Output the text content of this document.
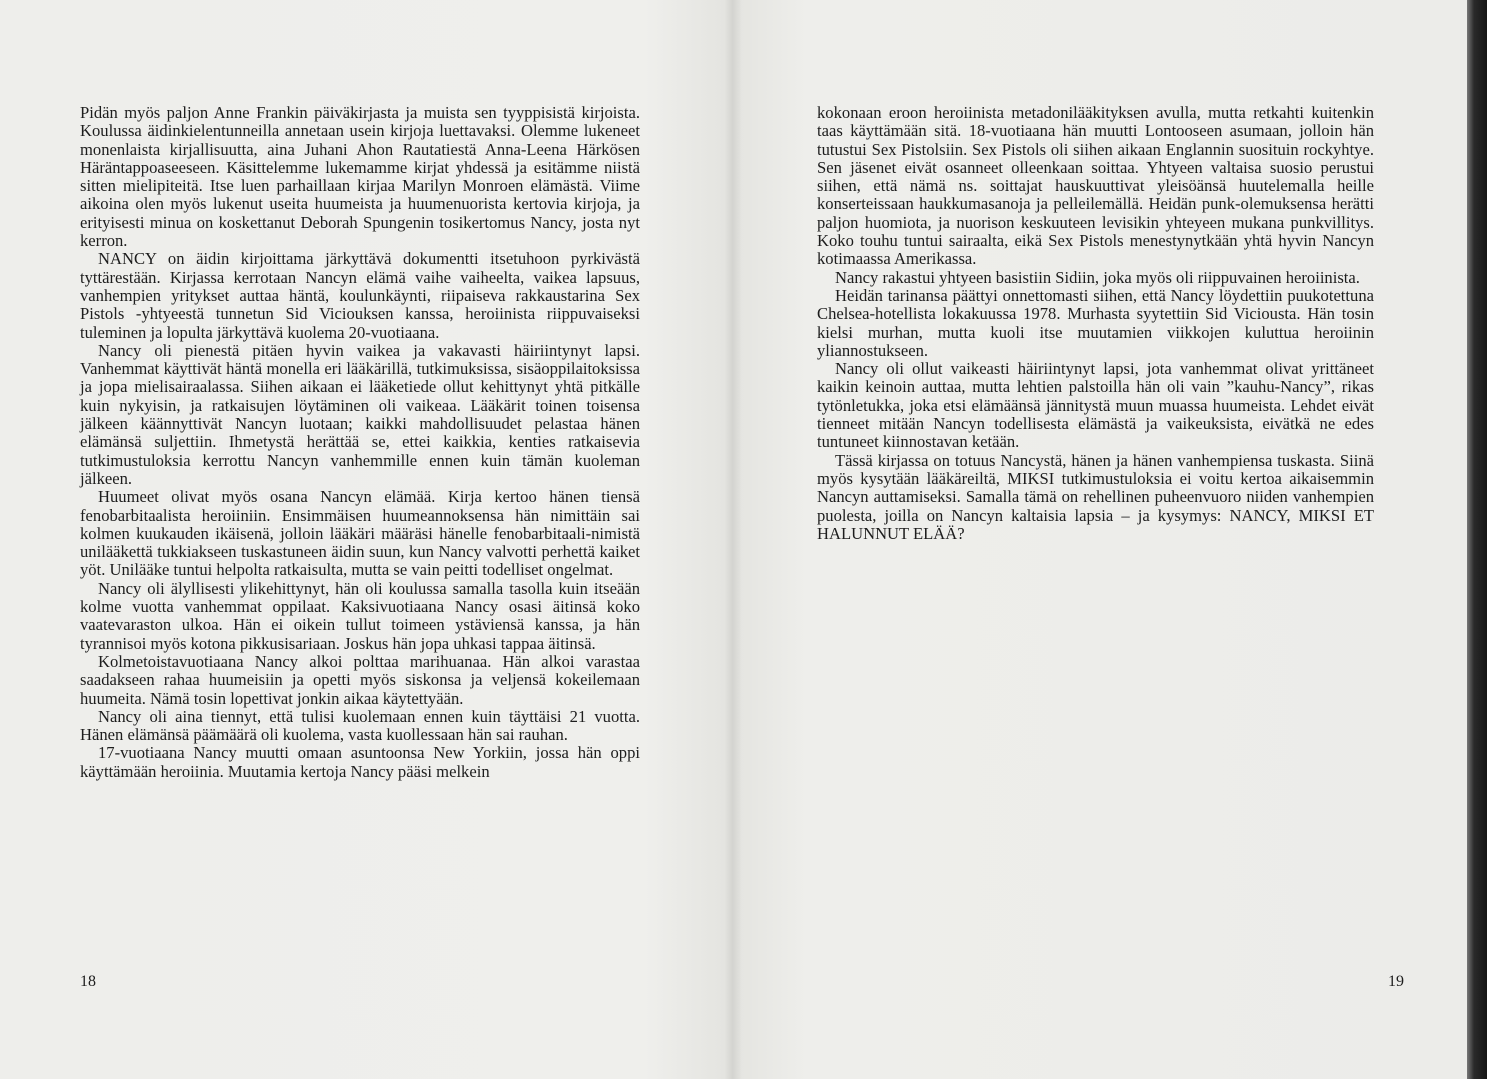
Pidän myös paljon Anne Frankin päiväkirjasta ja muista sen tyyppisistä kirjoista. Koulussa äidinkielentunneilla annetaan usein kirjoja luettavaksi. Olemme lukeneet monenlaista kirjallisuutta, aina Juhani Ahon Rautatiestä Anna-Leena Härkösen Häräntappoaseeseen. Käsittelemme lukemamme kirjat yhdessä ja esitämme niistä sitten mielipiteitä. Itse luen parhaillaan kirjaa Marilyn Monroen elämästä. Viime aikoina olen myös lukenut useita huumeista ja huumenuorista kertovia kirjoja, ja erityisesti minua on koskettanut Deborah Spungenin tosikertomus Nancy, josta nyt kerron.

NANCY on äidin kirjoittama järkyttävä dokumentti itsetuhoon pyrkivästä tyttärestään. Kirjassa kerrotaan Nancyn elämä vaihe vaiheelta, vaikea lapsuus, vanhempien yritykset auttaa häntä, koulunkäynti, riipaiseva rakkaustarina Sex Pistols -yhtyeestä tunnetun Sid Viciouksen kanssa, heroiinista riippuvaiseksi tuleminen ja lopulta järkyttävä kuolema 20-vuotiaana.

Nancy oli pienestä pitäen hyvin vaikea ja vakavasti häiriintynyt lapsi. Vanhemmat käyttivät häntä monella eri lääkärillä, tutkimuksissa, sisäoppilaitoksissa ja jopa mielisairaalassa. Siihen aikaan ei lääketiede ollut kehittynyt yhtä pitkälle kuin nykyisin, ja ratkaisujen löytäminen oli vaikeaa. Lääkärit toinen toisensa jälkeen käännyttivät Nancyn luotaan; kaikki mahdollisuudet pelastaa hänen elämänsä suljettiin. Ihmetystä herättää se, ettei kaikkia, kenties ratkaisevia tutkimustuloksia kerrottu Nancyn vanhemmille ennen kuin tämän kuoleman jälkeen.

Huumeet olivat myös osana Nancyn elämää. Kirja kertoo hänen tiensä fenobarbitaalista heroiiniin. Ensimmäisen huumeannoksensa hän nimittäin sai kolmen kuukauden ikäisenä, jolloin lääkäri määräsi hänelle fenobarbitaali-nimistä unilääkettä tukkiakseen tuskastuneen äidin suun, kun Nancy valvotti perhettä kaiket yöt. Unilääke tuntui helpolta ratkaisulta, mutta se vain peitti todelliset ongelmat.

Nancy oli älyllisesti ylikehittynyt, hän oli koulussa samalla tasolla kuin itseään kolme vuotta vanhemmat oppilaat. Kaksivuotiaana Nancy osasi äitinsä koko vaatevaraston ulkoa. Hän ei oikein tullut toimeen ystäviensä kanssa, ja hän tyrannisoi myös kotona pikkusisariaan. Joskus hän jopa uhkasi tappaa äitinsä.

Kolmetoistavuotiaana Nancy alkoi polttaa marihuanaa. Hän alkoi varastaa saadakseen rahaa huumeisiin ja opetti myös siskonsa ja veljensä kokeilemaan huumeita. Nämä tosin lopettivat jonkin aikaa käytettyään.

Nancy oli aina tiennyt, että tulisi kuolemaan ennen kuin täyttäisi 21 vuotta. Hänen elämänsä päämäärä oli kuolema, vasta kuollessaan hän sai rauhan.

17-vuotiaana Nancy muutti omaan asuntoonsa New Yorkiin, jossa hän oppi käyttämään heroiinia. Muutamia kertoja Nancy pääsi melkein

18

kokonaan eroon heroiinista metadonilääkityksen avulla, mutta retkahti kuitenkin taas käyttämään sitä. 18-vuotiaana hän muutti Lontooseen asumaan, jolloin hän tutustui Sex Pistolsiin. Sex Pistols oli siihen aikaan Englannin suosituin rockyhtye. Sen jäsenet eivät osanneet olleenkaan soittaa. Yhtyeen valtaisa suosio perustui siihen, että nämä ns. soittajat hauskuuttivat yleisöänsä huutelemalla heille konserteissaan haukkumasanoja ja pelleilemällä. Heidän punk-olemuksensa herätti paljon huomiota, ja nuorison keskuuteen levisikin yhteyeen mukana punkvillitys. Koko touhu tuntui sairaalta, eikä Sex Pistols menestynytkään yhtä hyvin Nancyn kotimaassa Amerikassa.

Nancy rakastui yhtyeen basistiin Sidiin, joka myös oli riippuvainen heroiinista.

Heidän tarinansa päättyi onnettomasti siihen, että Nancy löydettiin puukotettuna Chelsea-hotellista lokakuussa 1978. Murhasta syytettiin Sid Viciousta. Hän tosin kielsi murhan, mutta kuoli itse muutamien viikkojen kuluttua heroiinin yliannostukseen.

Nancy oli ollut vaikeasti häiriintynyt lapsi, jota vanhemmat olivat yrittäneet kaikin keinoin auttaa, mutta lehtien palstoilla hän oli vain ”kauhu-Nancy”, rikas tytönletukka, joka etsi elämäänsä jännitystä muun muassa huumeista. Lehdet eivät tienneet mitään Nancyn todellisesta elämästä ja vaikeuksista, eivätkä ne edes tuntuneet kiinnostavan ketään.

Tässä kirjassa on totuus Nancystä, hänen ja hänen vanhempiensa tuskasta. Siinä myös kysytään lääkäreiltä, MIKSI tutkimustuloksia ei voitu kertoa aikaisemmin Nancyn auttamiseksi. Samalla tämä on rehellinen puheenvuoro niiden vanhempien puolesta, joilla on Nancyn kaltaisia lapsia – ja kysymys: NANCY, MIKSI ET HALUNNUT ELÄÄ?

19
